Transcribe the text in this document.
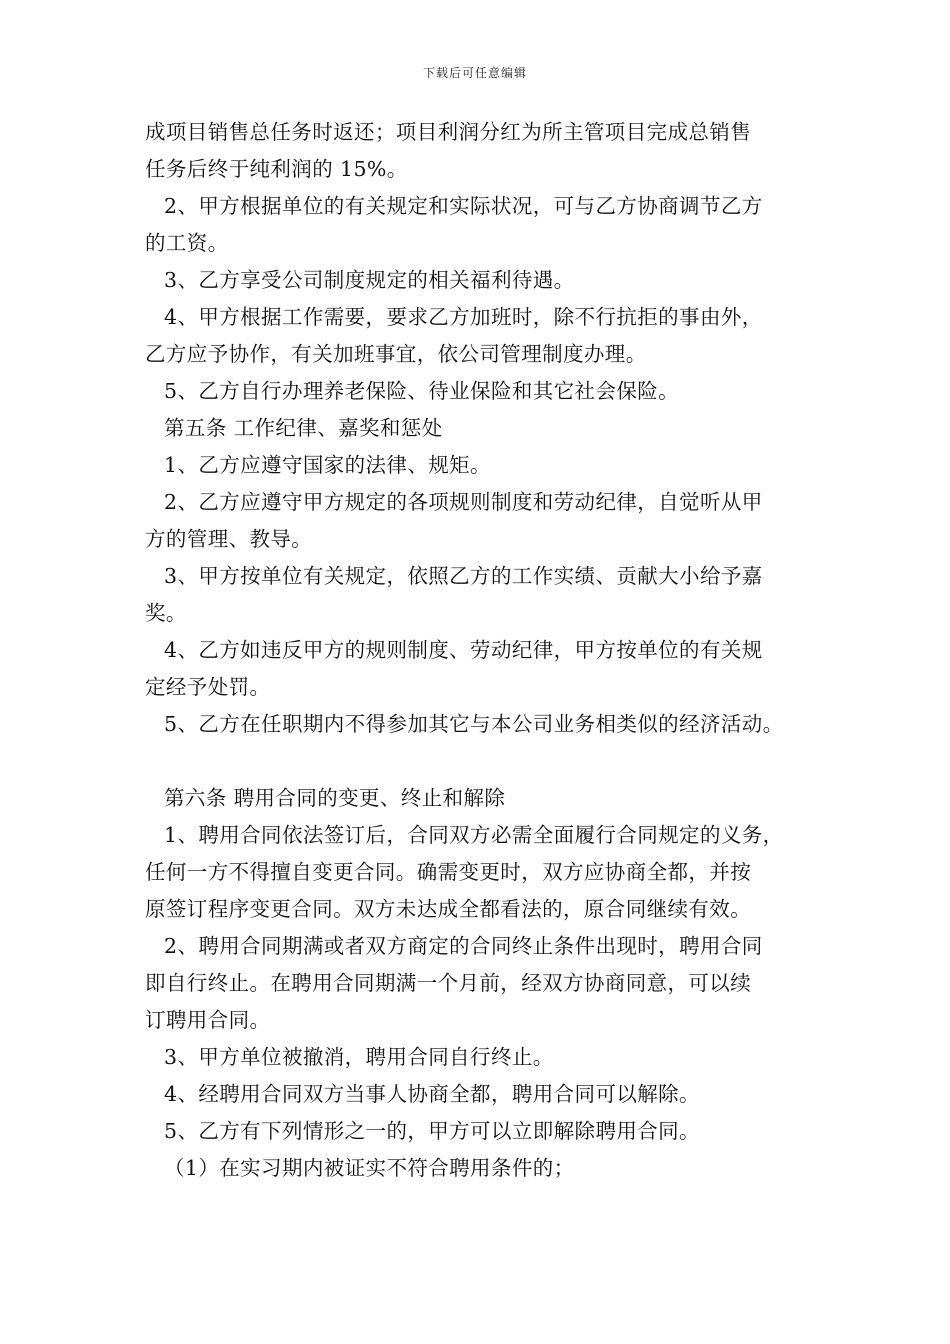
下载后可任意编辑
成项目销售总任务时返还；项目利润分红为所主管项目完成总销售
任务后终于纯利润的 15%。
2、甲方根据单位的有关规定和实际状况，可与乙方协商调节乙方
的工资。
3、乙方享受公司制度规定的相关福利待遇。
4、甲方根据工作需要，要求乙方加班时，除不行抗拒的事由外，
乙方应予协作，有关加班事宜，依公司管理制度办理。
5、乙方自行办理养老保险、待业保险和其它社会保险。
第五条 工作纪律、嘉奖和惩处
1、乙方应遵守国家的法律、规矩。
2、乙方应遵守甲方规定的各项规则制度和劳动纪律，自觉听从甲
方的管理、教导。
3、甲方按单位有关规定，依照乙方的工作实绩、贡献大小给予嘉
奖。
4、乙方如违反甲方的规则制度、劳动纪律，甲方按单位的有关规
定经予处罚。
5、乙方在任职期内不得参加其它与本公司业务相类似的经济活动。
第六条 聘用合同的变更、终止和解除
1、聘用合同依法签订后，合同双方必需全面履行合同规定的义务，
任何一方不得擅自变更合同。确需变更时，双方应协商全都，并按
原签订程序变更合同。双方未达成全都看法的，原合同继续有效。
2、聘用合同期满或者双方商定的合同终止条件出现时，聘用合同
即自行终止。在聘用合同期满一个月前，经双方协商同意，可以续
订聘用合同。
3、甲方单位被撤消，聘用合同自行终止。
4、经聘用合同双方当事人协商全都，聘用合同可以解除。
5、乙方有下列情形之一的，甲方可以立即解除聘用合同。
（1）在实习期内被证实不符合聘用条件的；
